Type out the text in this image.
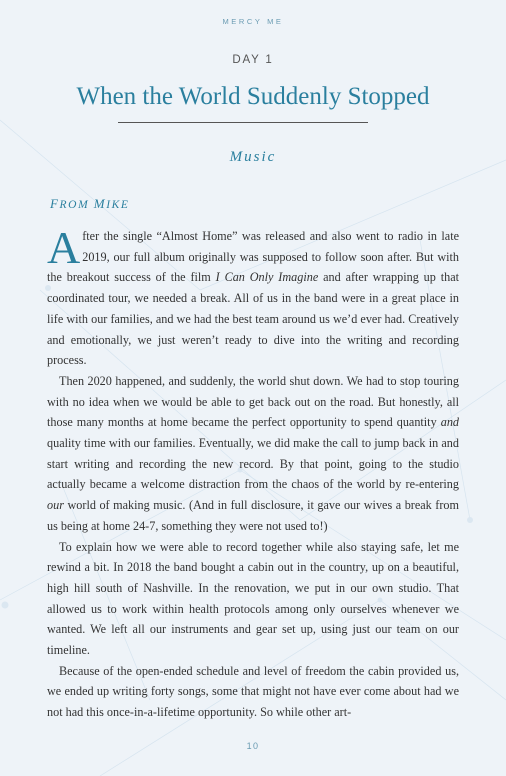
MERCY ME
DAY 1
When the World Suddenly Stopped
Music
FROM MIKE

After the single “Almost Home” was released and also went to radio in late 2019, our full album originally was supposed to follow soon after. But with the breakout success of the film I Can Only Imagine and after wrapping up that coordinated tour, we needed a break. All of us in the band were in a great place in life with our families, and we had the best team around us we’d ever had. Creatively and emotionally, we just weren’t ready to dive into the writing and recording process.

Then 2020 happened, and suddenly, the world shut down. We had to stop touring with no idea when we would be able to get back out on the road. But honestly, all those many months at home became the perfect opportunity to spend quantity and quality time with our families. Eventually, we did make the call to jump back in and start writing and recording the new record. By that point, going to the studio actually became a welcome distraction from the chaos of the world by re-entering our world of making music. (And in full disclosure, it gave our wives a break from us being at home 24-7, something they were not used to!)

To explain how we were able to record together while also staying safe, let me rewind a bit. In 2018 the band bought a cabin out in the country, up on a beautiful, high hill south of Nashville. In the renovation, we put in our own studio. That allowed us to work within health protocols among only ourselves whenever we wanted. We left all our instruments and gear set up, using just our team on our timeline.

Because of the open-ended schedule and level of freedom the cabin provided us, we ended up writing forty songs, some that might not have ever come about had we not had this once-in-a-lifetime opportunity. So while other art-

10
